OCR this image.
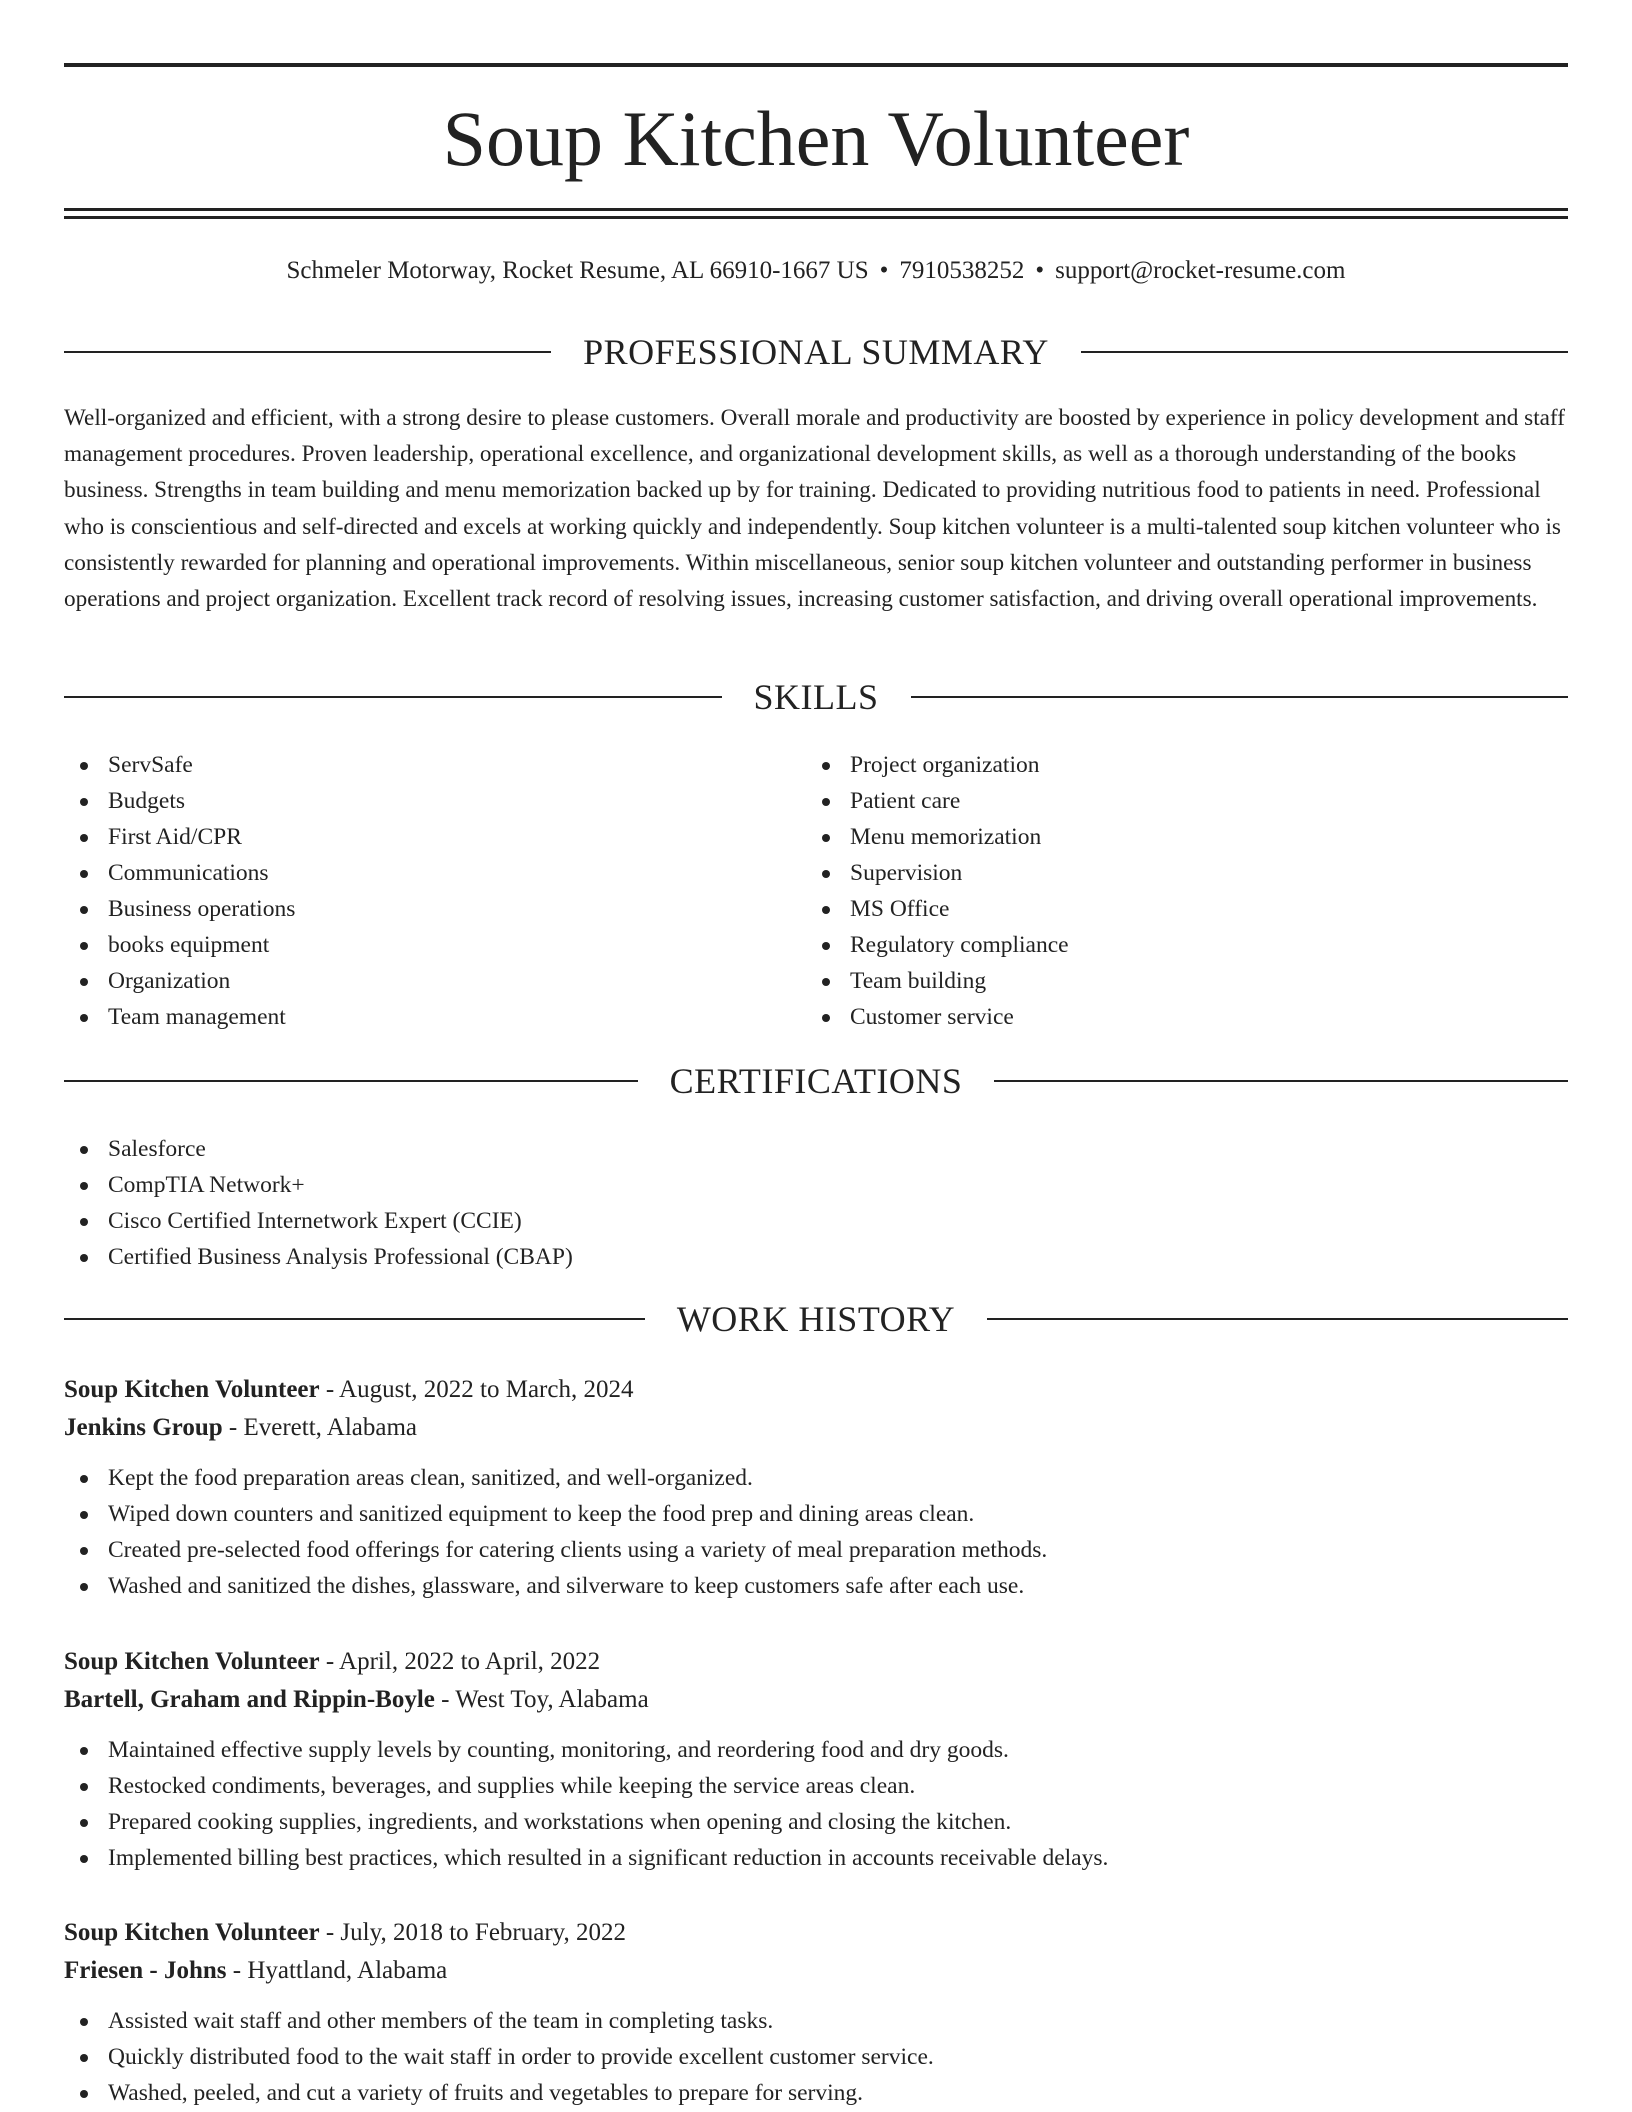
Soup Kitchen Volunteer
Schmeler Motorway, Rocket Resume, AL 66910-1667 US • 7910538252 • support@rocket-resume.com
PROFESSIONAL SUMMARY

Well-organized and efficient, with a strong desire to please customers. Overall morale and productivity are boosted by experience in policy development and staff management procedures. Proven leadership, operational excellence, and organizational development skills, as well as a thorough understanding of the books business. Strengths in team building and menu memorization backed up by for training. Dedicated to providing nutritious food to patients in need. Professional who is conscientious and self-directed and excels at working quickly and independently. Soup kitchen volunteer is a multi-talented soup kitchen volunteer who is consistently rewarded for planning and operational improvements. Within miscellaneous, senior soup kitchen volunteer and outstanding performer in business operations and project organization. Excellent track record of resolving issues, increasing customer satisfaction, and driving overall operational improvements.

SKILLS
ServSafe
Budgets
First Aid/CPR
Communications
Business operations
books equipment
Organization
Team management
Project organization
Patient care
Menu memorization
Supervision
MS Office
Regulatory compliance
Team building
Customer service
CERTIFICATIONS
Salesforce
CompTIA Network+
Cisco Certified Internetwork Expert (CCIE)
Certified Business Analysis Professional (CBAP)
WORK HISTORY
Soup Kitchen Volunteer - August, 2022 to March, 2024
Jenkins Group - Everett, Alabama
Kept the food preparation areas clean, sanitized, and well-organized.
Wiped down counters and sanitized equipment to keep the food prep and dining areas clean.
Created pre-selected food offerings for catering clients using a variety of meal preparation methods.
Washed and sanitized the dishes, glassware, and silverware to keep customers safe after each use.
Soup Kitchen Volunteer - April, 2022 to April, 2022
Bartell, Graham and Rippin-Boyle - West Toy, Alabama
Maintained effective supply levels by counting, monitoring, and reordering food and dry goods.
Restocked condiments, beverages, and supplies while keeping the service areas clean.
Prepared cooking supplies, ingredients, and workstations when opening and closing the kitchen.
Implemented billing best practices, which resulted in a significant reduction in accounts receivable delays.
Soup Kitchen Volunteer - July, 2018 to February, 2022
Friesen - Johns - Hyattland, Alabama
Assisted wait staff and other members of the team in completing tasks.
Quickly distributed food to the wait staff in order to provide excellent customer service.
Washed, peeled, and cut a variety of fruits and vegetables to prepare for serving.
